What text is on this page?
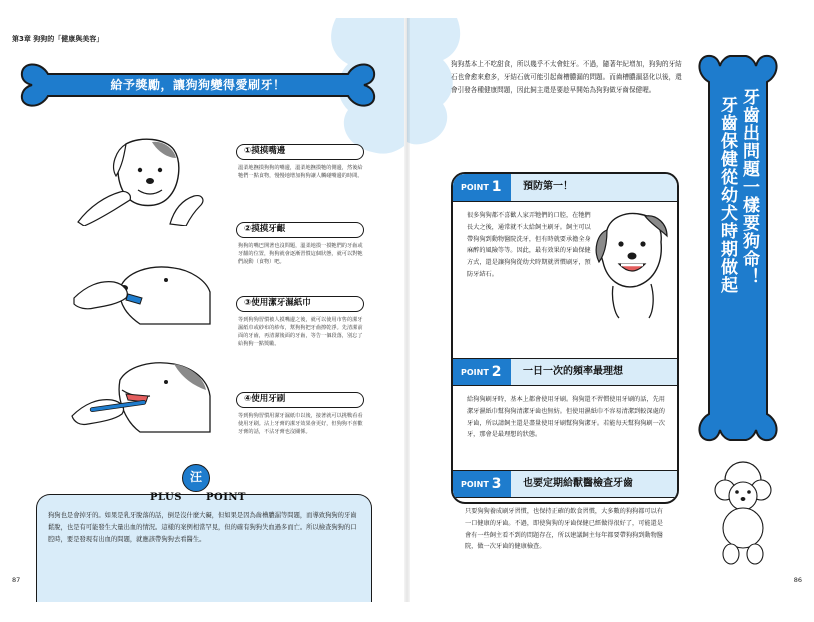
第3章 狗狗的「健康與美容」
給予獎勵，讓狗狗變得愛刷牙！
①摸摸嘴邊
溫柔地撫摸狗狗的嘴邊，溫柔地撫摸牠的側邊，然後給牠們一點食物，慢慢地增加狗狗讓人觸碰嘴邊的時間。
②摸摸牙齦
狗狗的嘴巴開著也沒問題，溫柔地摸一摸牠們的牙齒或牙齦的位置，狗狗就會逐漸習慣這個狀態，就可以對牠們說動（食物）吧。
③使用潔牙濕紙巾
等到狗狗習慣被人摸嘴邊之後，就可以使用市售的潔牙濕紙巾或紗布的紗布，幫狗狗把牙齒擦乾淨。先清潔前面的牙齒，再清潔後面的牙齒，等告一個段落，別忘了給狗狗一點獎勵。
④使用牙刷
等到狗狗習慣用潔牙濕紙巾以後，接著就可以挑戰看看使用牙刷。沾上牙膏的潔牙效果會更好，但狗狗不喜歡牙膏的話，不沾牙膏也沒關係。
汪
PLUS POINT
狗狗也是會掉牙的。如果是乳牙脫落的話，倒是沒什麼大礙，但如果是因為齒槽膿漏等問題，而導致狗狗的牙齒鬆脫，也是有可能發生大量出血的情況。這樣的案例相當罕見，但的確有狗狗失血過多而亡。所以檢查狗狗的口腔時，要是發現有出血的問題，就應該帶狗狗去看醫生。
87
狗狗基本上不吃甜食，所以幾乎不太會蛀牙。不過，隨著年紀增加，狗狗的牙結石也會愈來愈多，牙結石就可能引起齒槽膿漏的問題。而齒槽膿漏惡化以後，還會引發各種健康問題，因此飼主還是要趁早開始為狗狗做牙齒保健喔。
POINT 1	預防第一！
很多狗狗都不喜歡人家弄牠們的口腔，在牠們長大之後，通常就不太給飼主刷牙。飼主可以帶狗狗到動物醫院洗牙，但有時就要承擔全身麻醉的風險等等。因此，最有效果的牙齒保健方式，還是讓狗狗從幼犬時期就習慣刷牙，預防牙結石。
POINT 2	一日一次的頻率最理想
給狗狗刷牙時，基本上都會使用牙刷。狗狗還不習慣使用牙刷的話，先用潔牙濕紙巾幫狗狗清潔牙齒也無妨。但使用濕紙巾不容易清潔到較深處的牙齒，所以請飼主還是盡量使用牙刷幫狗狗潔牙。若能每天幫狗狗刷一次牙，那會是最理想的狀態。
POINT 3	也要定期給獸醫檢查牙齒
只要狗狗養成刷牙習慣，也保持正確的飲食習慣，大多數的狗狗都可以有一口健康的牙齒。不過，即使狗狗的牙齒保健已經做得很好了，可能還是會有一些飼主看不到的問題存在，所以建議飼主每年都要帶狗狗到動物醫院，做一次牙齒的健康檢查。
牙齒出問題一樣要狗命！
牙齒保健從幼犬時期做起
86
